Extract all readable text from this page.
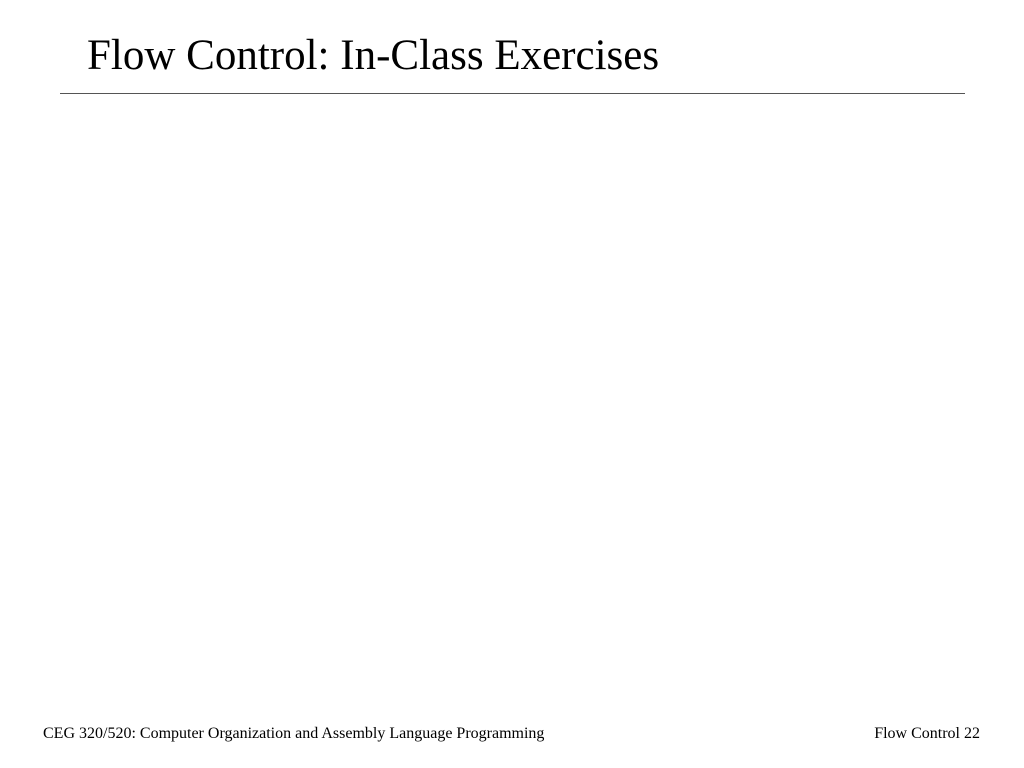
Flow Control: In-Class Exercises
CEG 320/520: Computer Organization and Assembly Language Programming	Flow Control 22
